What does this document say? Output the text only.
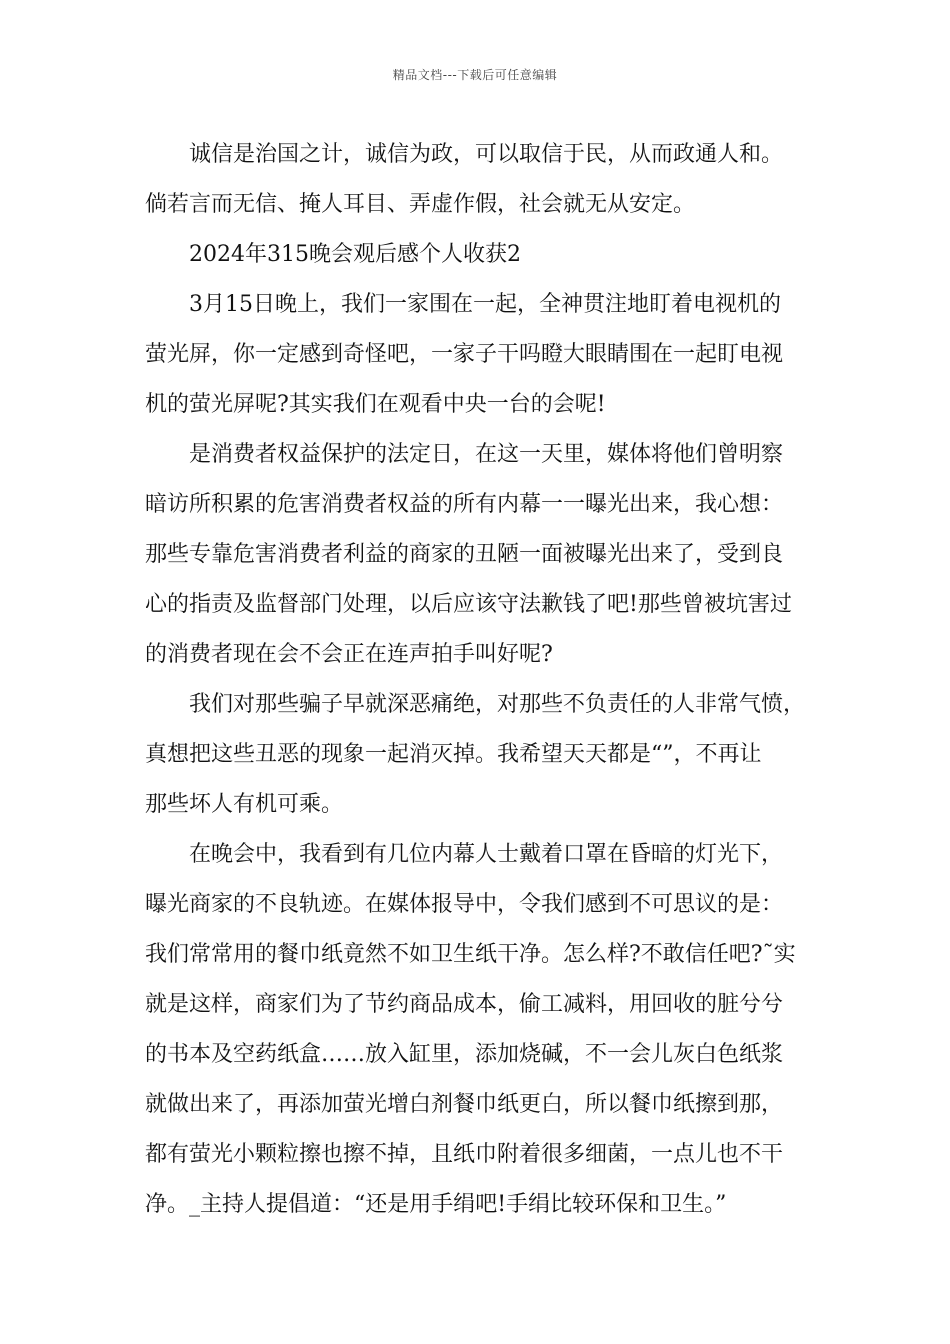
精品文档---下载后可任意编辑
诚信是治国之计，诚信为政，可以取信于民，从而政通人和。
倘若言而无信、掩人耳目、弄虚作假，社会就无从安定。
2024年315晚会观后感个人收获2
3月15日晚上，我们一家围在一起，全神贯注地盯着电视机的
萤光屏，你一定感到奇怪吧，一家子干吗瞪大眼睛围在一起盯电视
机的萤光屏呢?其实我们在观看中央一台的会呢!
是消费者权益保护的法定日，在这一天里，媒体将他们曾明察
暗访所积累的危害消费者权益的所有内幕一一曝光出来，我心想：
那些专靠危害消费者利益的商家的丑陋一面被曝光出来了，受到良
心的指责及监督部门处理，以后应该守法歉钱了吧!那些曾被坑害过
的消费者现在会不会正在连声拍手叫好呢?
我们对那些骗子早就深恶痛绝，对那些不负责任的人非常气愤，
真想把这些丑恶的现象一起消灭掉。我希望天天都是“”，不再让
那些坏人有机可乘。
在晚会中，我看到有几位内幕人士戴着口罩在昏暗的灯光下，
曝光商家的不良轨迹。在媒体报导中，令我们感到不可思议的是：
我们常常用的餐巾纸竟然不如卫生纸干净。怎么样?不敢信任吧?˜实
就是这样，商家们为了节约商品成本，偷工减料，用回收的脏兮兮
的书本及空药纸盒……放入缸里，添加烧碱，不一会儿灰白色纸浆
就做出来了，再添加萤光增白剂餐巾纸更白，所以餐巾纸擦到那，
都有萤光小颗粒擦也擦不掉，且纸巾附着很多细菌，一点儿也不干
净。_主持人提倡道：“还是用手绢吧!手绢比较环保和卫生。”
